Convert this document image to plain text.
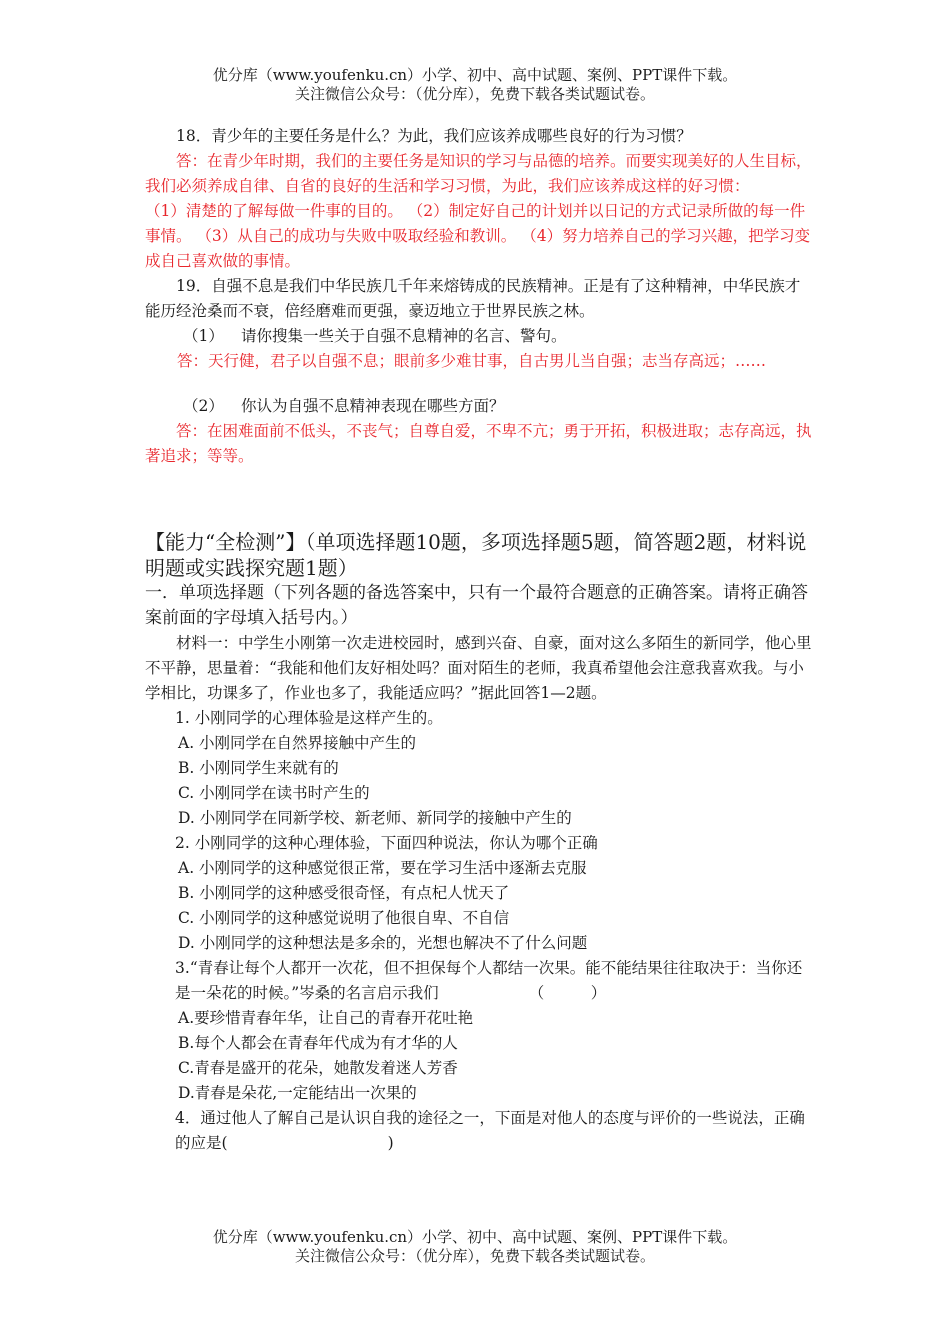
优分库（www.youfenku.cn）小学、初中、高中试题、案例、PPT课件下载。
关注微信公众号：（优分库），免费下载各类试题试卷。

18．青少年的主要任务是什么？为此，我们应该养成哪些良好的行为习惯？

答：在青少年时期，我们的主要任务是知识的学习与品德的培养。而要实现美好的人生目标，我们必须养成自律、自省的良好的生活和学习习惯，为此，我们应该养成这样的好习惯：

（1）清楚的了解每做一件事的目的。 （2）制定好自己的计划并以日记的方式记录所做的每一件事情。 （3）从自己的成功与失败中吸取经验和教训。 （4）努力培养自己的学习兴趣，把学习变成自己喜欢做的事情。

19．自强不息是我们中华民族几千年来熔铸成的民族精神。正是有了这种精神，中华民族才能历经沧桑而不衰，倍经磨难而更强，豪迈地立于世界民族之林。

（1） 请你搜集一些关于自强不息精神的名言、警句。

答：天行健，君子以自强不息；眼前多少难甘事，自古男儿当自强；志当存高远；……

（2） 你认为自强不息精神表现在哪些方面？

答：在困难面前不低头，不丧气；自尊自爱，不卑不亢；勇于开拓，积极进取；志存高远，执著追求；等等。

【能力“全检测”】（单项选择题10题，多项选择题5题，简答题2题，材料说明题或实践探究题1题）

一．单项选择题（下列各题的备选答案中，只有一个最符合题意的正确答案。请将正确答案前面的字母填入括号内。）

材料一：中学生小刚第一次走进校园时，感到兴奋、自豪，面对这么多陌生的新同学，他心里不平静，思量着：“我能和他们友好相处吗？面对陌生的老师，我真希望他会注意我喜欢我。与小学相比，功课多了，作业也多了，我能适应吗？”据此回答1—2题。

1. 小刚同学的心理体验是这样产生的。

A. 小刚同学在自然界接触中产生的

B. 小刚同学生来就有的

C. 小刚同学在读书时产生的

D. 小刚同学在同新学校、新老师、新同学的接触中产生的

2. 小刚同学的这种心理体验，下面四种说法，你认为哪个正确

A. 小刚同学的这种感觉很正常，要在学习生活中逐渐去克服

B. 小刚同学的这种感受很奇怪，有点杞人忧天了

C. 小刚同学的这种感觉说明了他很自卑、不自信

D. 小刚同学的这种想法是多余的，光想也解决不了什么问题

3.“青春让每个人都开一次花，但不担保每个人都结一次果。能不能结果往往取决于：当你还是一朵花的时候。”岑桑的名言启示我们	（　　　）

A.要珍惜青春年华，让自己的青春开花吐艳

B.每个人都会在青春年代成为有才华的人

C.青春是盛开的花朵，她散发着迷人芳香

D.青春是朵花,一定能结出一次果的

4．通过他人了解自己是认识自我的途径之一，下面是对他人的态度与评价的一些说法，正确的应是(	)

优分库（www.youfenku.cn）小学、初中、高中试题、案例、PPT课件下载。
关注微信公众号：（优分库），免费下载各类试题试卷。
